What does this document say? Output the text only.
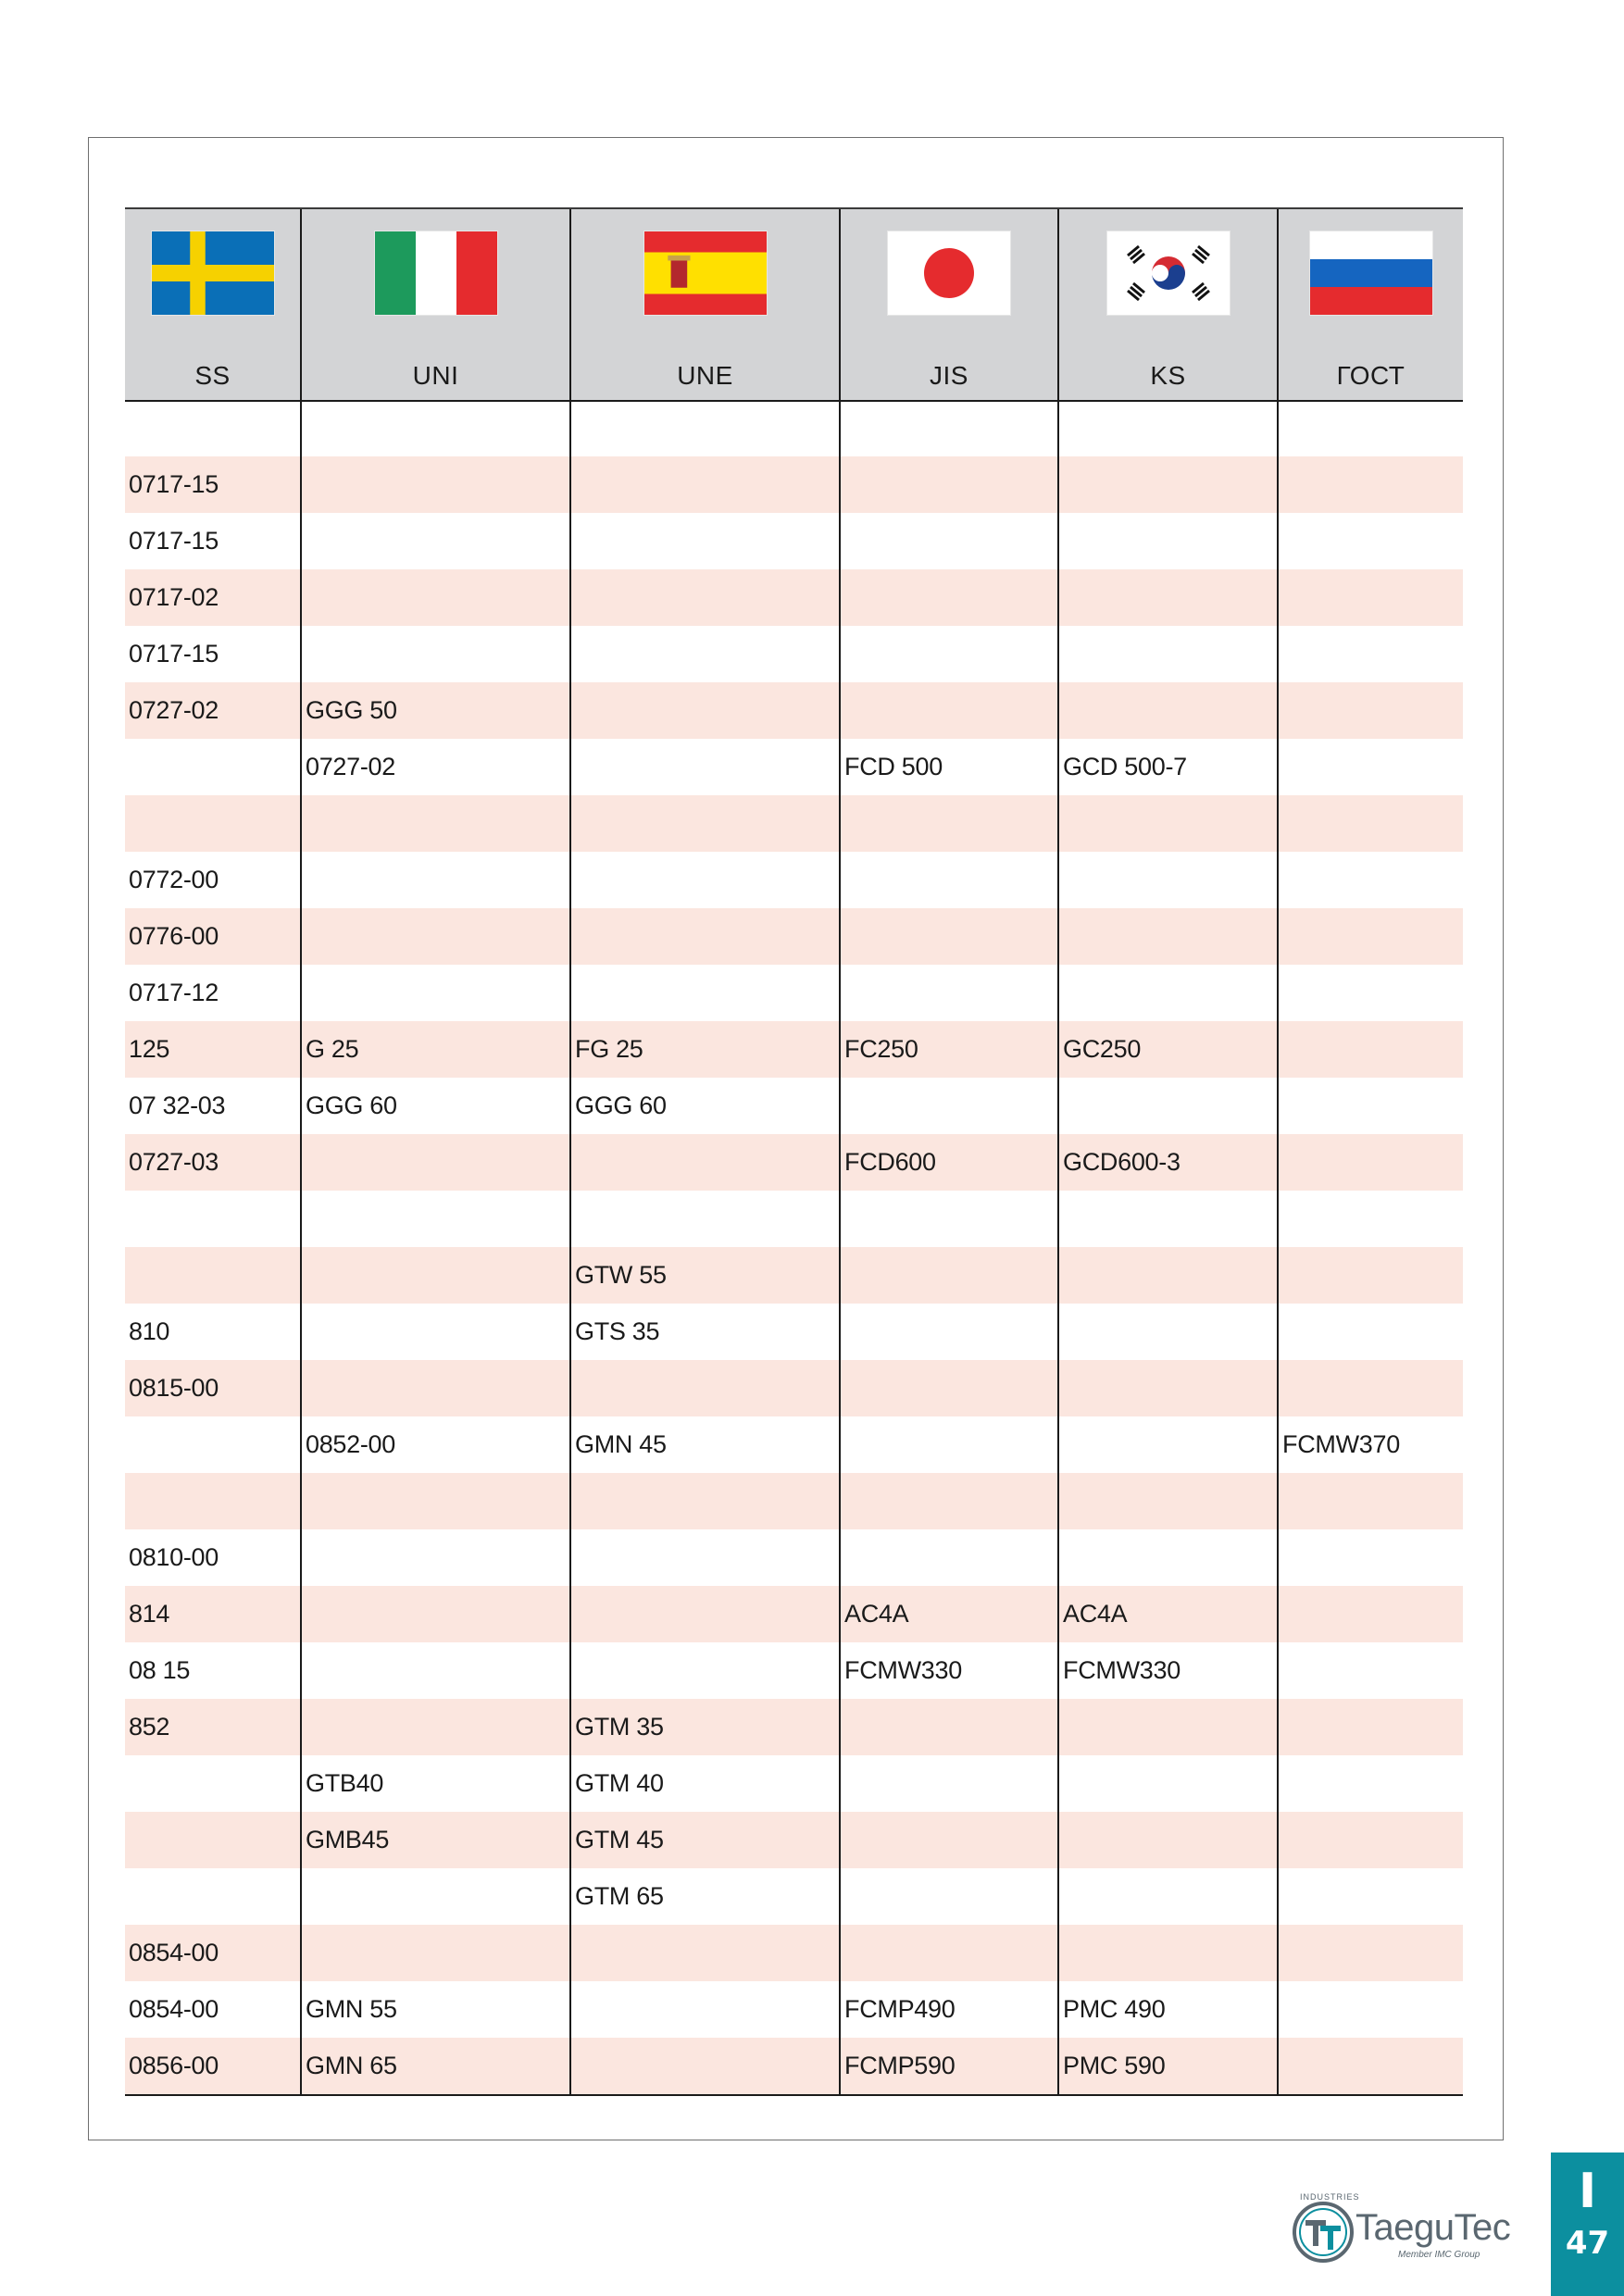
SS	UNI	UNE	JIS	KS	ГОСТ

0717-15					
0717-15					
0717-02					
0717-15					
0727-02	GGG 50				
	0727-02		FCD 500	GCD 500-7	

0772-00					
0776-00					
0717-12					
125	G 25	FG 25	FC250	GC250	
07 32-03	GGG 60	GGG 60			
0727-03			FCD600	GCD600-3	

		GTW 55			
810		GTS 35			
0815-00					
	0852-00	GMN 45			FCMW370

0810-00					
814			AC4A	AC4A	
08 15			FCMW330	FCMW330	
852		GTM 35			
	GTB40	GTM 40			
	GMB45	GTM 45			
		GTM 65			
0854-00					
0854-00	GMN 55		FCMP490	PMC 490	
0856-00	GMN 65		FCMP590	PMC 590	
INDUSTRIES
TaeguTec
Member IMC Group
I
47
